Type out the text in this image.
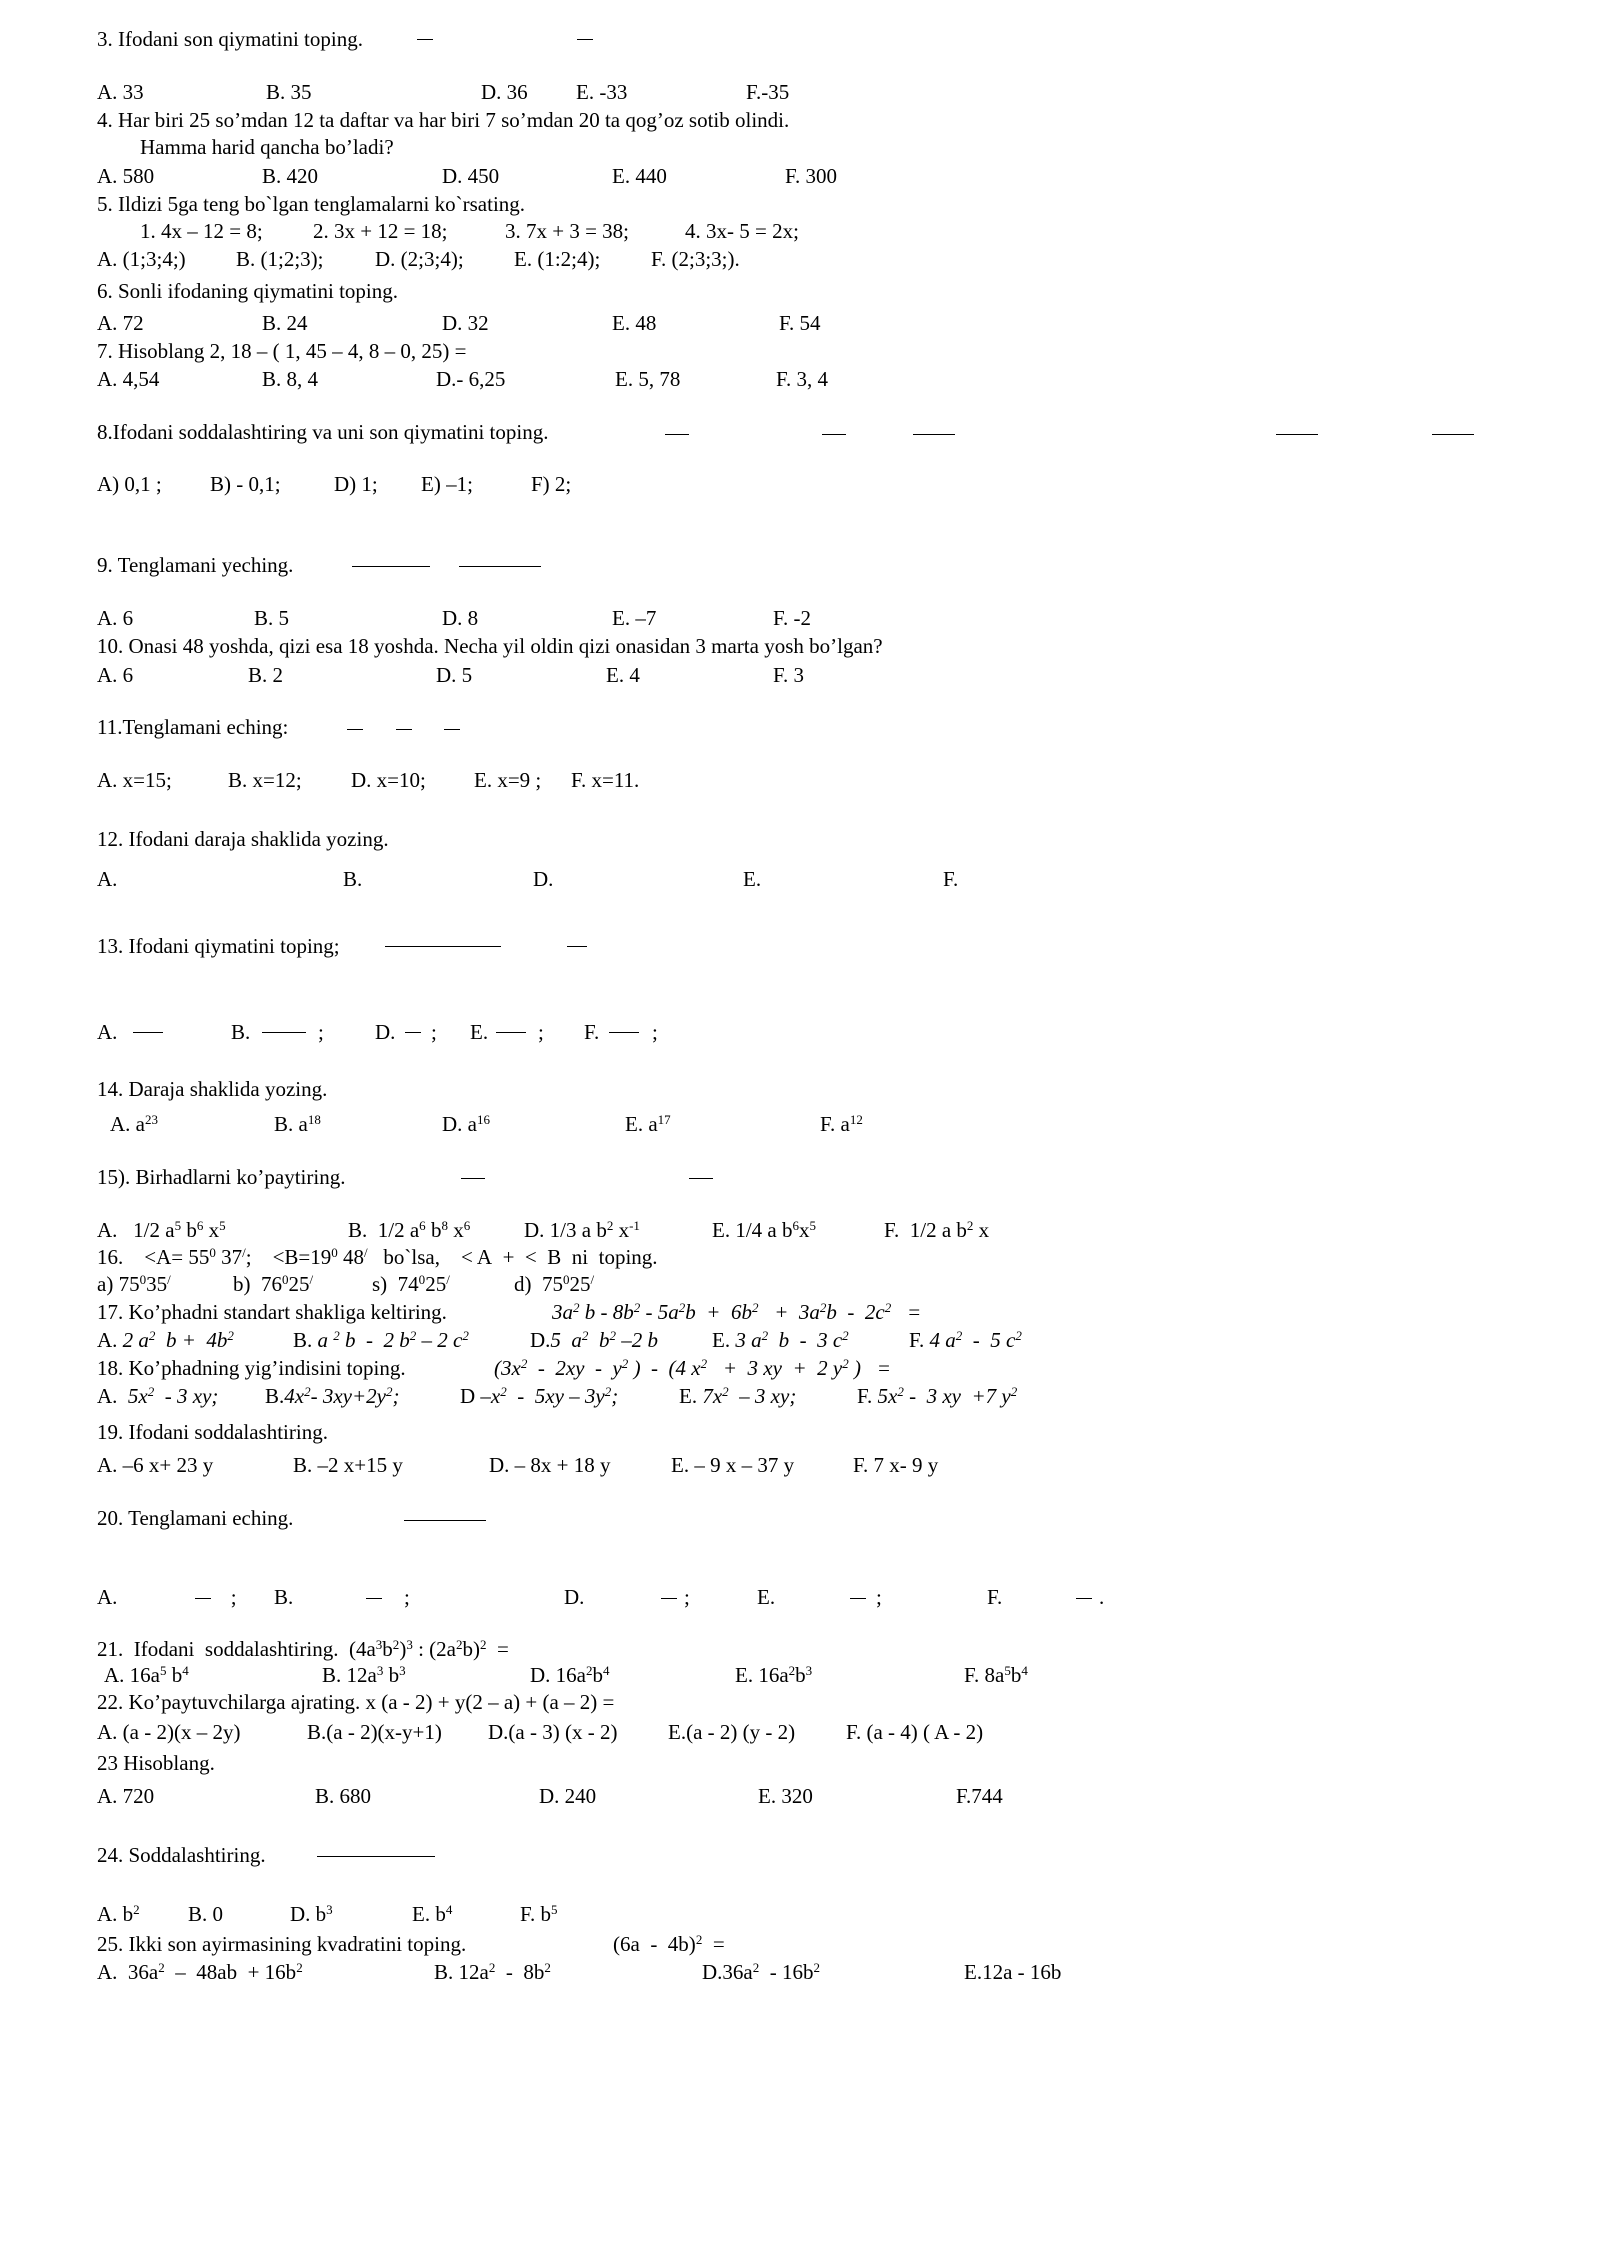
3. Ifodani son qiymatini toping.
A. 33	B. 35	D. 36 E. -33	F.-35
4. Har biri 25 so’mdan 12 ta daftar va har biri 7 so’mdan 20 ta qog’oz sotib olindi.
Hamma harid qancha bo’ladi?
A. 580	B. 420	D. 450	E. 440	F. 300
5. Ildizi 5ga teng bo`lgan tenglamalarni ko`rsating.
1. 4x – 12 = 8; 2. 3x + 12 = 18;	3. 7x + 3 = 38;	4. 3x- 5 = 2x;
A. (1;3;4;) B. (1;2;3); D. (2;3;4); E. (1:2;4); F. (2;3;3;).
6. Sonli ifodaning qiymatini toping.
A. 72	B. 24	D. 32	E. 48	F. 54
7. Hisoblang 2, 18 – ( 1, 45 – 4, 8 – 0, 25) =
A. 4,54	B. 8, 4	D.- 6,25	E. 5, 78	F. 3, 4
8.Ifodani soddalashtiring va uni son qiymatini toping.
A) 0,1 ; B) - 0,1;	D) 1; E) –1;	F) 2;
9. Tenglamani yeching.
A. 6	B. 5	D. 8	E. –7	F. -2
10. Onasi 48 yoshda, qizi esa 18 yoshda. Necha yil oldin qizi onasidan 3 marta yosh bo’lgan?
A. 6	B. 2	D. 5	E. 4	F. 3
11.Tenglamani eching:
A. x=15;	B. x=12; D. x=10; E. x=9 ; F. x=11.
12. Ifodani daraja shaklida yozing.
A.	B.	D.	E.	F.
13. Ifodani qiymatini toping;
A.	B.	; D. ; E. ; F.	;
14. Daraja shaklida yozing.
A. $a^{23}$	B. $a^{18}$	D. $a^{16}$	E. $a^{17}$	F. $a^{12}$
15). Birhadlarni ko’paytiring.
A.   1/2 $a^5$ $b^6$ $x^5$	B.  1/2 $a^6$ $b^8$ $x^6$	D. 1/3 a $b^2$ $x^{-1}$	E. 1/4 a $b^6x^5$	F.  1/2 a $b^2$ x
16.    $<A= 55^0$ 37/;    $<B=19^0$ 48/   bo`lsa,    < A  +  <  B  ni  toping.
a) $75^035^/$	b)  $76^025^/$	s)  $74^025^/$	d)  $75^025^/$
17. Ko’phadni standart shakliga keltiring.	$3a^2$ $b - 8b^2 - 5a^2b + 6b^2 + 3a^2b - 2c^2$   =
A. 2 $a^2$  $b + 4b^2$	B. a $^2$ b  -  2 $b^2 - 2$ $c^2$	D.5  $a^2$  $b^2$ –2 b	E. 3 $a^2$  b  -  3 $c^2$	F. 4 $a^2 - 5$ $c^2$
18. Ko’phadning yig’indisini toping.	($3x^2 - 2xy - y^2$ )  -  (4 $x^2 + 3$ xy  +  2 $y^2$ )   =
A.  $5x^2 - 3$ xy; $B.4x^2-$ $3xy+2y^2$;	D $-x^2 - 5xy - 3y^2$;	E. $7x^2 - 3$ xy;	F. $5x^2 - 3$ xy  +7 $y^2$
19. Ifodani soddalashtiring.
A. –6 x+ 23 y	B. –2 x+15 y	D. – 8x + 18 y	E. – 9 x – 37 y	F. 7 x- 9 y
20. Tenglamani eching.
A.	; B.	;	D.	;	E.	;	F.	.
21.  Ifodani  soddalashtiring.  $(4a^3b^2)^3$ : $(2a^2b)^2$  =
A. $16a^5$ $b^4$	B. $12a^3$ $b^3$	D. $16a^2b^4$	E. $16a^2b^3$	F. $8a^5b^4$
22. Ko’paytuvchilarga ajrating. x (a - 2) + y(2 – a) + (a – 2) =
A. (a - 2)(x – 2y)	B.(a - 2)(x-y+1) D.(a - 3) (x - 2) E.(a - 2) (y - 2) F. (a - 4) ( A - 2)
23 Hisoblang.
A. 720	B. 680	D. 240	E. 320	F.744
24. Soddalashtiring.
A. $b^2$ B. 0	D. $b^3$	E. $b^4$	F. $b^5$
25. Ikki son ayirmasining kvadratini toping.	(6a  -  4b)$^2$  =
A.  $36a^2 - 48ab + 16b^2$	B. $12a^2 - 8b^2$	$D.36a^2 - 16b^2$	E.12a - 16b
